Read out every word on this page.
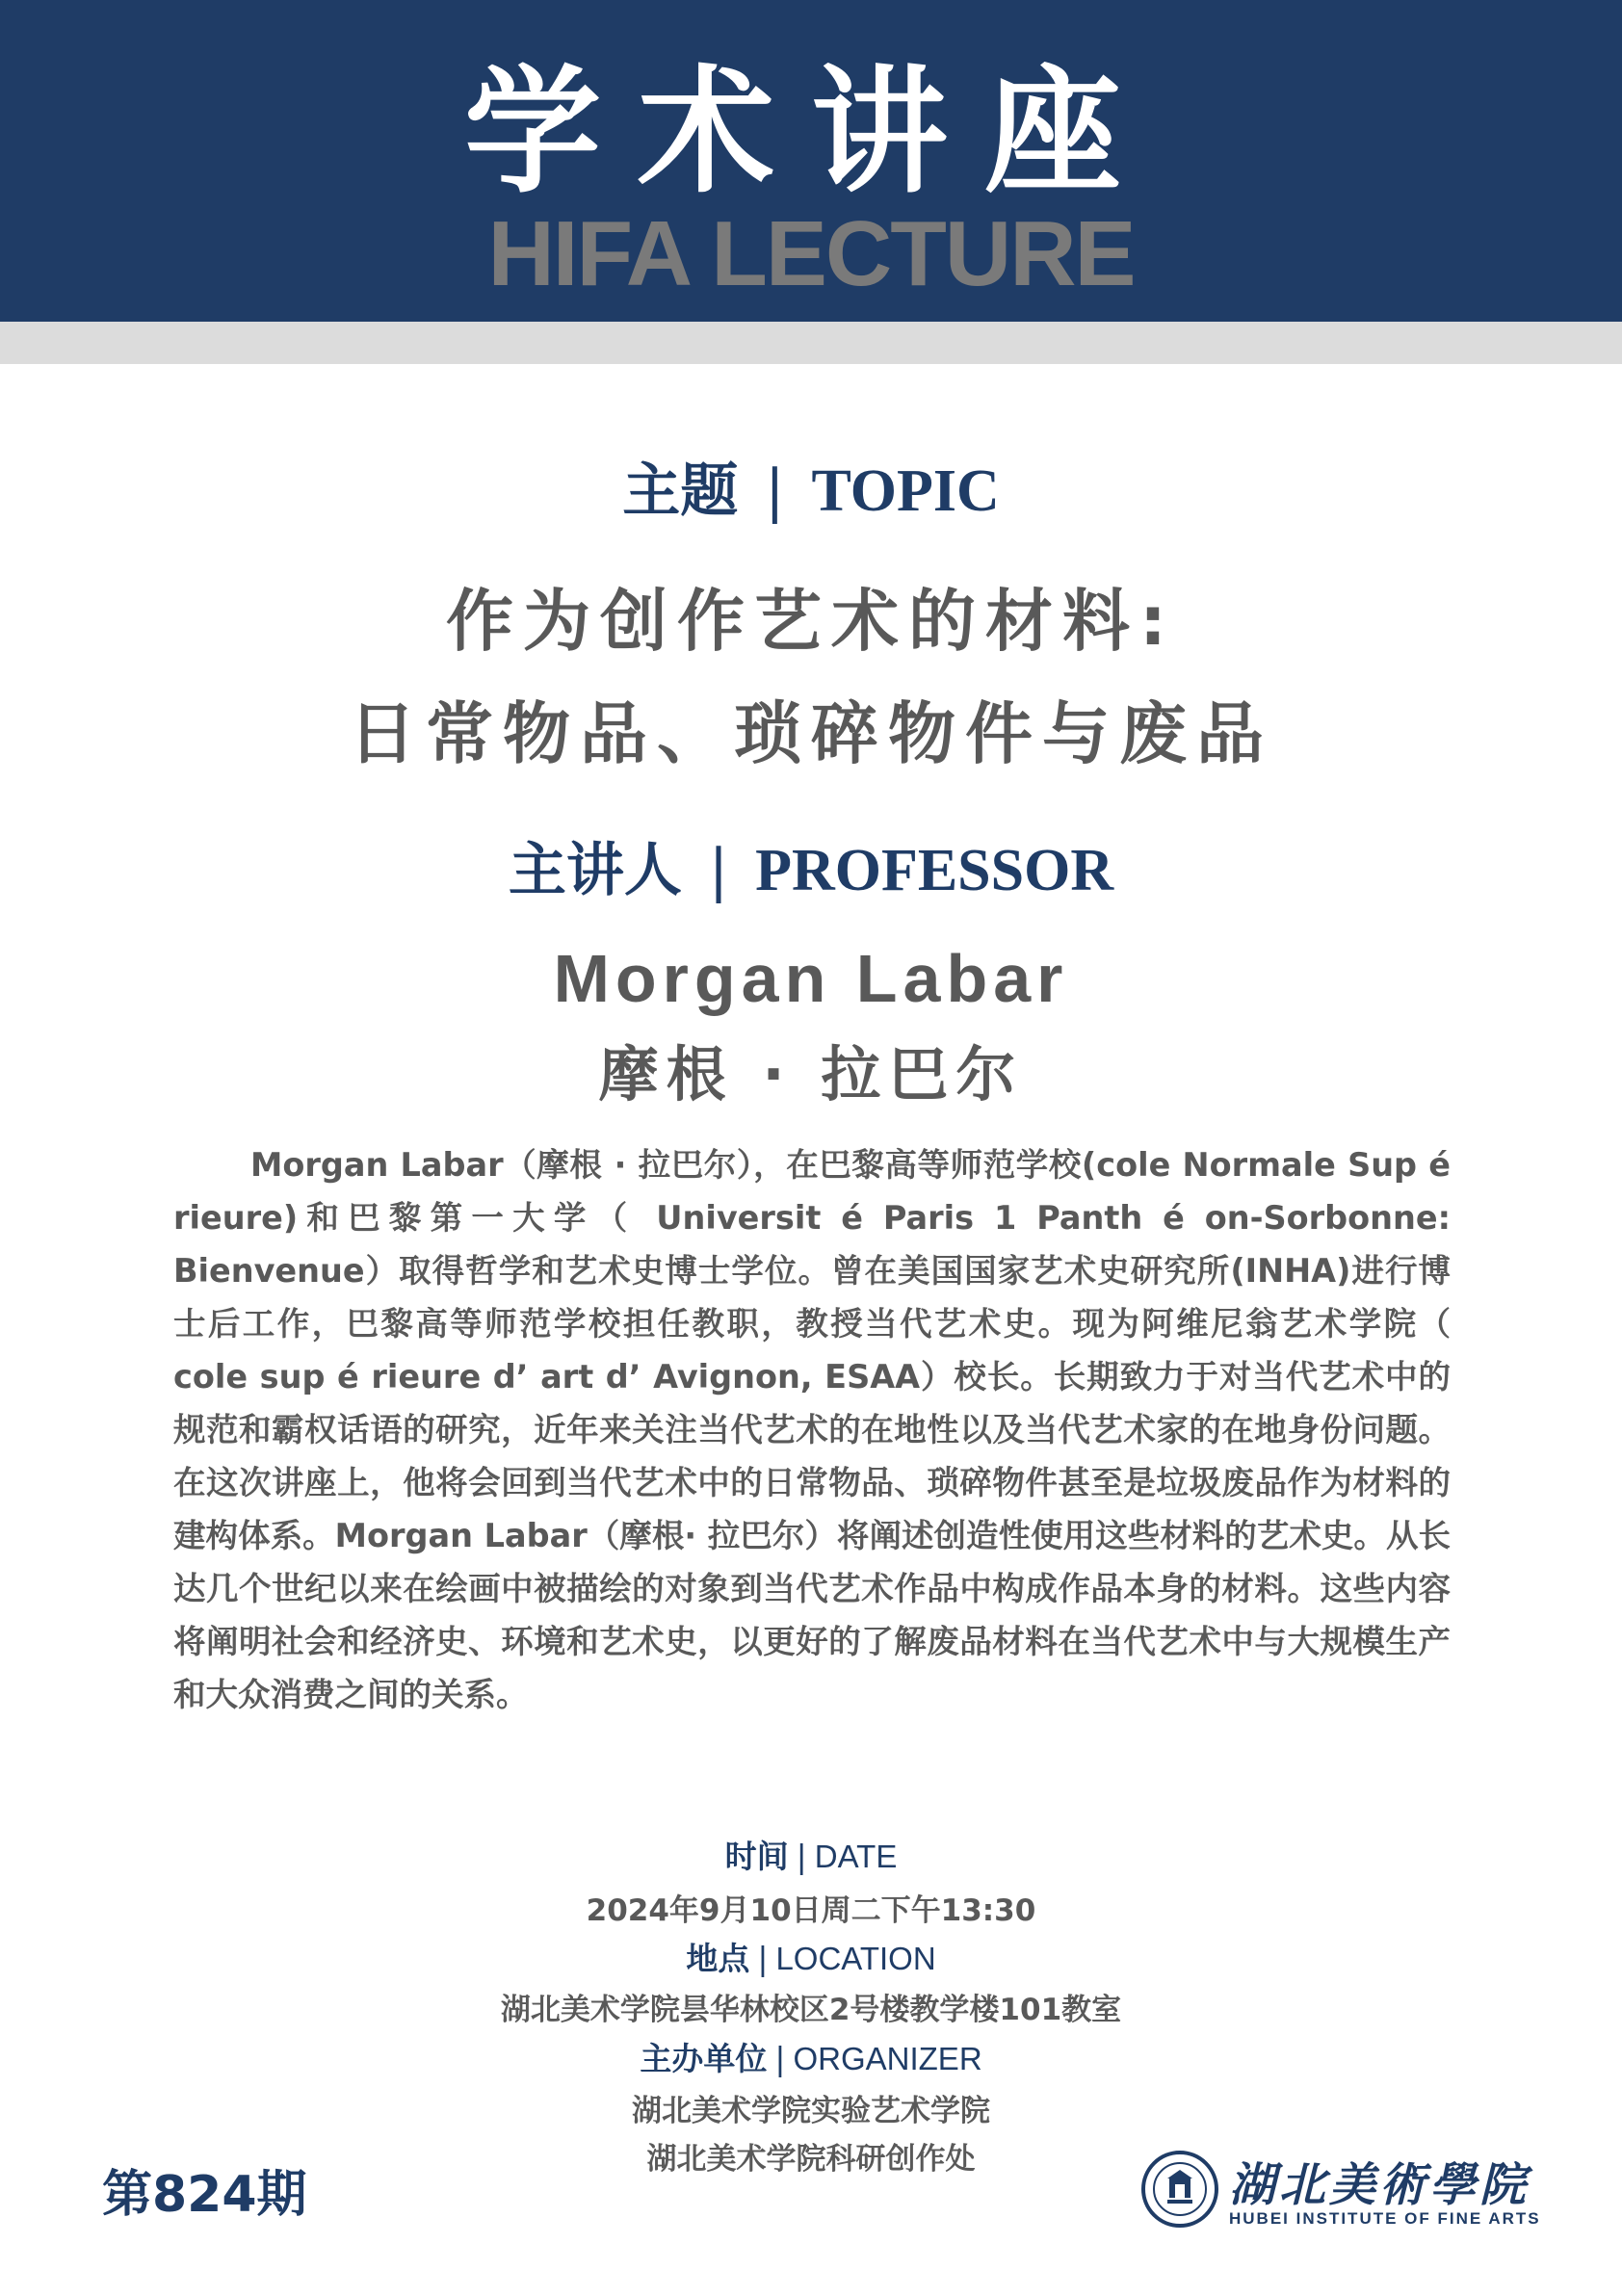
学术讲座
HIFA LECTURE
主题 | TOPIC
作为创作艺术的材料:
日常物品、琐碎物件与废品
主讲人 | PROFESSOR
Morgan Labar
摩根 · 拉巴尔

Morgan Labar（摩根 · 拉巴尔），在巴黎高等师范学校(cole Normale Sup é rieure)和巴黎第一大学（ Universit é Paris 1 Panth é on-Sorbonne: Bienvenue）取得哲学和艺术史博士学位。曾在美国国家艺术史研究所(INHA)进行博士后工作，巴黎高等师范学校担任教职，教授当代艺术史。现为阿维尼翁艺术学院（ cole sup é rieure d’ art d’ Avignon, ESAA）校长。长期致力于对当代艺术中的规范和霸权话语的研究，近年来关注当代艺术的在地性以及当代艺术家的在地身份问题。在这次讲座上，他将会回到当代艺术中的日常物品、琐碎物件甚至是垃圾废品作为材料的建构体系。Morgan Labar（摩根· 拉巴尔）将阐述创造性使用这些材料的艺术史。从长达几个世纪以来在绘画中被描绘的对象到当代艺术作品中构成作品本身的材料。这些内容将阐明社会和经济史、环境和艺术史，以更好的了解废品材料在当代艺术中与大规模生产和大众消费之间的关系。

时间 | DATE
2024年9月10日周二下午13:30
地点 | LOCATION
湖北美术学院昙华林校区2号楼教学楼101教室
主办单位 | ORGANIZER
湖北美术学院实验艺术学院
湖北美术学院科研创作处
第824期	湖北美術學院
HUBEI INSTITUTE OF FINE ARTS
